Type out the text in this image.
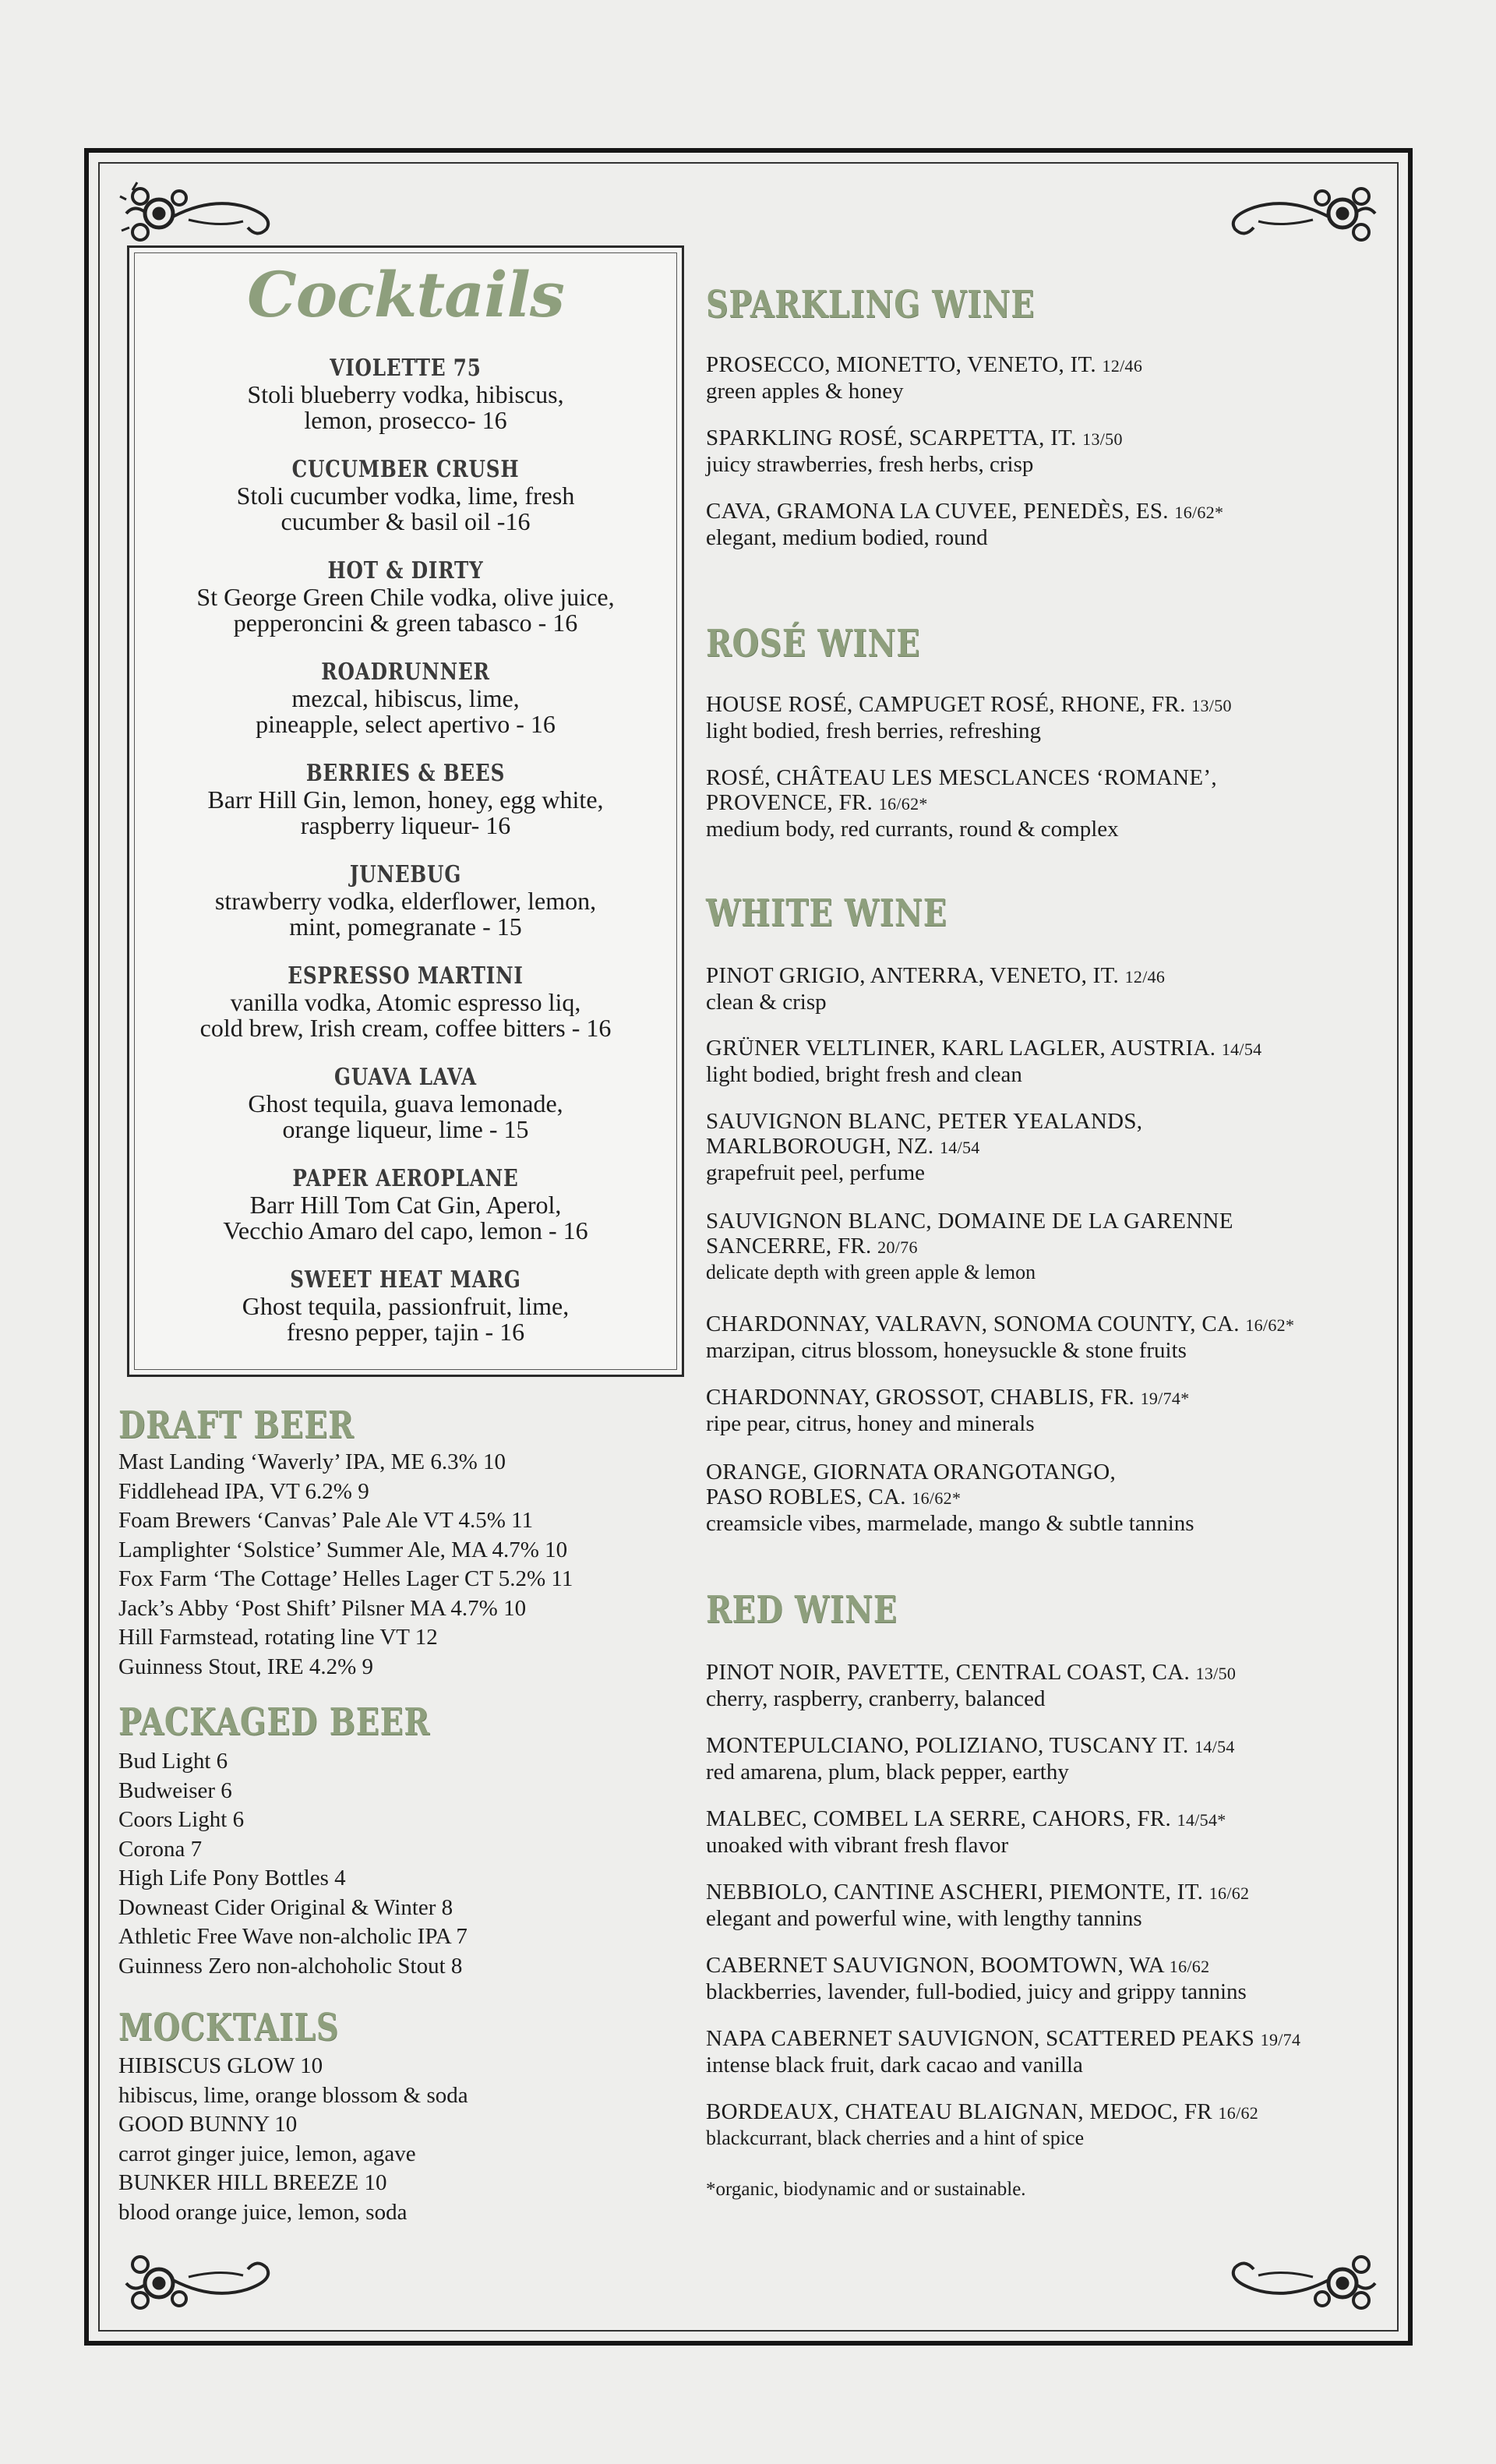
Cocktails
VIOLETTE 75
Stoli blueberry vodka, hibiscus,
lemon, prosecco- 16
CUCUMBER CRUSH
Stoli cucumber vodka, lime, fresh
cucumber & basil oil -16
HOT & DIRTY
St George Green Chile vodka, olive juice,
pepperoncini & green tabasco - 16
ROADRUNNER
mezcal, hibiscus, lime,
pineapple, select apertivo - 16
BERRIES & BEES
Barr Hill Gin, lemon, honey, egg white,
raspberry liqueur- 16
JUNEBUG
strawberry vodka, elderflower, lemon,
mint, pomegranate - 15
ESPRESSO MARTINI
vanilla vodka, Atomic espresso liq,
cold brew, Irish cream, coffee bitters - 16
GUAVA LAVA
Ghost tequila, guava lemonade,
orange liqueur, lime - 15
PAPER AEROPLANE
Barr Hill Tom Cat Gin, Aperol,
Vecchio Amaro del capo, lemon - 16
SWEET HEAT MARG
Ghost tequila, passionfruit, lime,
fresno pepper, tajin - 16
DRAFT BEER
Mast Landing ‘Waverly’ IPA, ME 6.3% 10
Fiddlehead IPA, VT 6.2% 9
Foam Brewers ‘Canvas’ Pale Ale VT 4.5% 11
Lamplighter ‘Solstice’ Summer Ale, MA 4.7% 10
Fox Farm ‘The Cottage’ Helles Lager CT 5.2% 11
Jack’s Abby ‘Post Shift’ Pilsner MA 4.7% 10
Hill Farmstead, rotating line VT 12
Guinness Stout, IRE 4.2% 9
PACKAGED BEER
Bud Light 6
Budweiser 6
Coors Light 6
Corona 7
High Life Pony Bottles 4
Downeast Cider Original & Winter 8
Athletic Free Wave non-alcholic IPA 7
Guinness Zero non-alchoholic Stout 8
MOCKTAILS
HIBISCUS GLOW 10
hibiscus, lime, orange blossom & soda
GOOD BUNNY 10
carrot ginger juice, lemon, agave
BUNKER HILL BREEZE 10
blood orange juice, lemon, soda
SPARKLING WINE
PROSECCO, MIONETTO, VENETO, IT. 12/46
green apples & honey
SPARKLING ROSÉ, SCARPETTA, IT. 13/50
juicy strawberries, fresh herbs, crisp
CAVA, GRAMONA LA CUVEE, PENEDÈS, ES. 16/62*
elegant, medium bodied, round
ROSÉ WINE
HOUSE ROSÉ, CAMPUGET ROSÉ, RHONE, FR. 13/50
light bodied, fresh berries, refreshing
ROSÉ, CHÂTEAU LES MESCLANCES ‘ROMANE’,
PROVENCE, FR. 16/62*
medium body, red currants, round & complex
WHITE WINE
PINOT GRIGIO, ANTERRA, VENETO, IT. 12/46
clean & crisp
GRÜNER VELTLINER, KARL LAGLER, AUSTRIA. 14/54
light bodied, bright fresh and clean
SAUVIGNON BLANC, PETER YEALANDS,
MARLBOROUGH, NZ. 14/54
grapefruit peel, perfume
SAUVIGNON BLANC, DOMAINE DE LA GARENNE
SANCERRE, FR. 20/76
delicate depth with green apple & lemon
CHARDONNAY, VALRAVN, SONOMA COUNTY, CA. 16/62*
marzipan, citrus blossom, honeysuckle & stone fruits
CHARDONNAY, GROSSOT, CHABLIS, FR. 19/74*
ripe pear, citrus, honey and minerals
ORANGE, GIORNATA ORANGOTANGO,
PASO ROBLES, CA. 16/62*
creamsicle vibes, marmelade, mango & subtle tannins
RED WINE
PINOT NOIR, PAVETTE, CENTRAL COAST, CA. 13/50
cherry, raspberry, cranberry, balanced
MONTEPULCIANO, POLIZIANO, TUSCANY IT. 14/54
red amarena, plum, black pepper, earthy
MALBEC, COMBEL LA SERRE, CAHORS, FR. 14/54*
unoaked with vibrant fresh flavor
NEBBIOLO, CANTINE ASCHERI, PIEMONTE, IT. 16/62
elegant and powerful wine, with lengthy tannins
CABERNET SAUVIGNON, BOOMTOWN, WA 16/62
blackberries, lavender, full-bodied, juicy and grippy tannins
NAPA CABERNET SAUVIGNON, SCATTERED PEAKS 19/74
intense black fruit, dark cacao and vanilla
BORDEAUX, CHATEAU BLAIGNAN, MEDOC, FR 16/62
blackcurrant, black cherries and a hint of spice
*organic, biodynamic and or sustainable.
